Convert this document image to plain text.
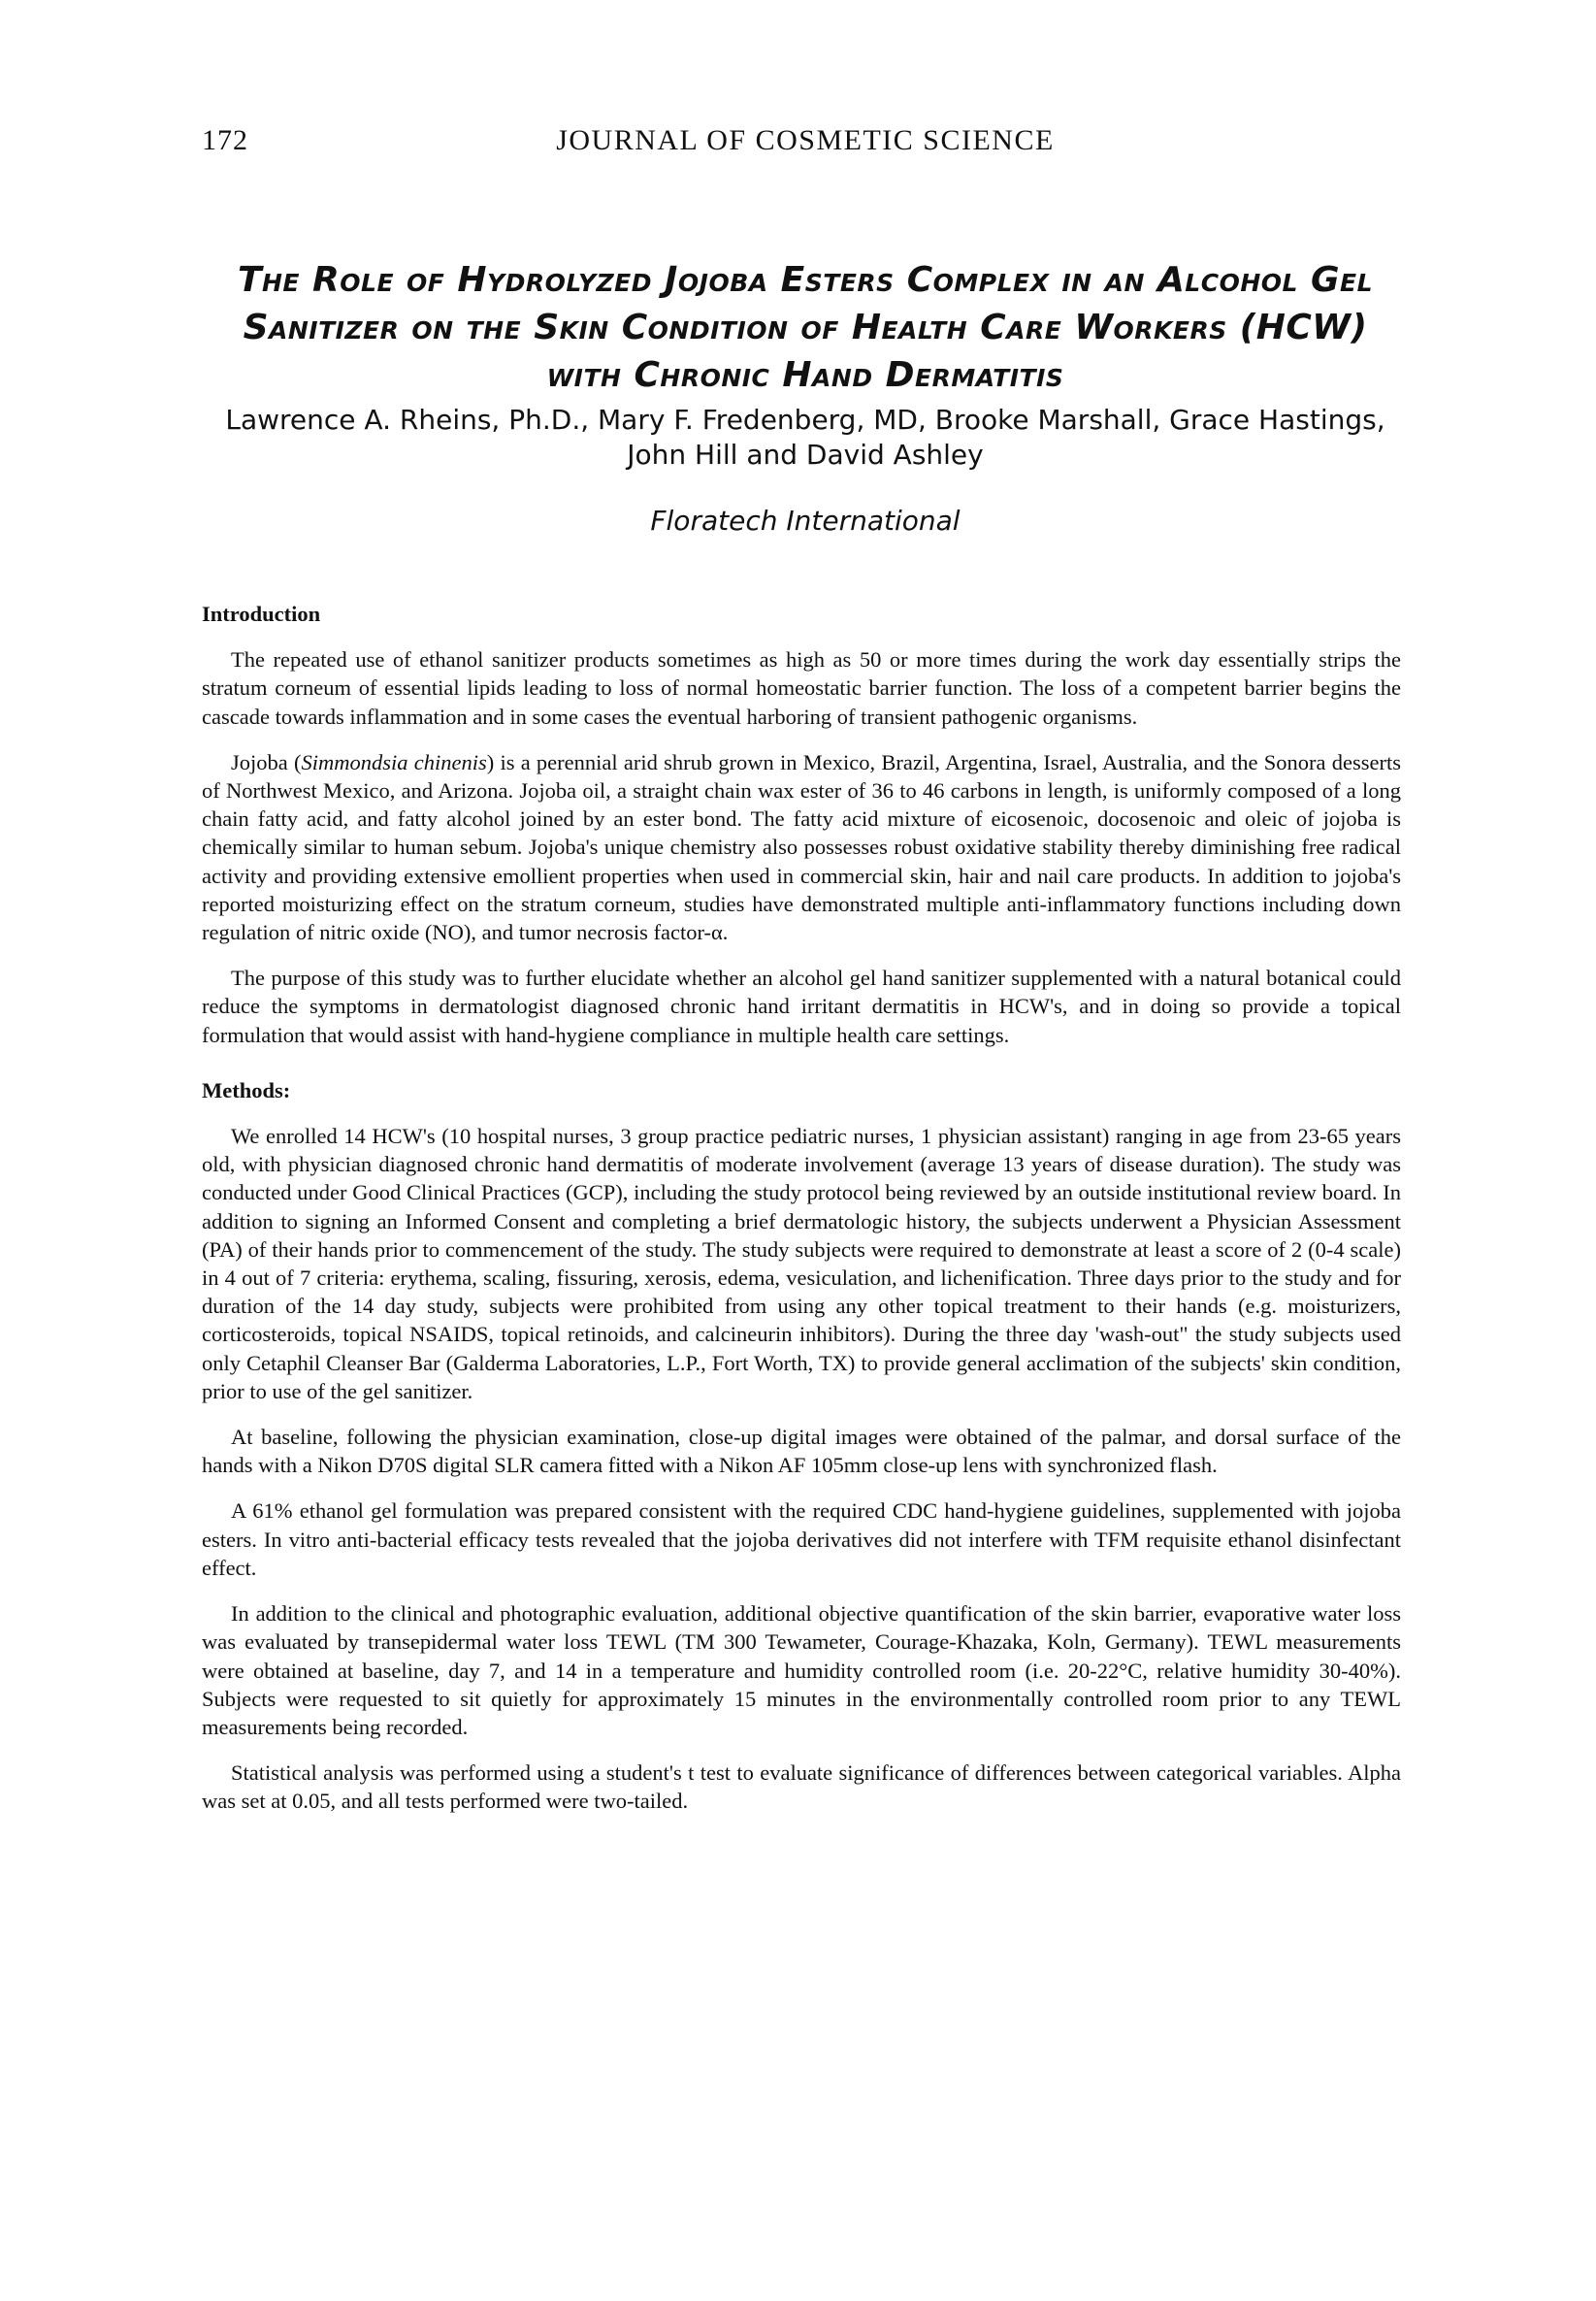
172	JOURNAL OF COSMETIC SCIENCE
The Role of Hydrolyzed Jojoba Esters Complex in an Alcohol Gel Sanitizer on the Skin Condition of Health Care Workers (HCW) with Chronic Hand Dermatitis
Lawrence A. Rheins, Ph.D., Mary F. Fredenberg, MD, Brooke Marshall, Grace Hastings,
John Hill and David Ashley
Floratech International
Introduction

The repeated use of ethanol sanitizer products sometimes as high as 50 or more times during the work day essentially strips the stratum corneum of essential lipids leading to loss of normal homeostatic barrier function. The loss of a competent barrier begins the cascade towards inflammation and in some cases the eventual harboring of transient pathogenic organisms.

Jojoba (Simmondsia chinenis) is a perennial arid shrub grown in Mexico, Brazil, Argentina, Israel, Australia, and the Sonora desserts of Northwest Mexico, and Arizona. Jojoba oil, a straight chain wax ester of 36 to 46 carbons in length, is uniformly composed of a long chain fatty acid, and fatty alcohol joined by an ester bond. The fatty acid mixture of eicosenoic, docosenoic and oleic of jojoba is chemically similar to human sebum. Jojoba's unique chemistry also possesses robust oxidative stability thereby diminishing free radical activity and providing extensive emollient properties when used in commercial skin, hair and nail care products. In addition to jojoba's reported moisturizing effect on the stratum corneum, studies have demonstrated multiple anti-inflammatory functions including down regulation of nitric oxide (NO), and tumor necrosis factor-α.

The purpose of this study was to further elucidate whether an alcohol gel hand sanitizer supplemented with a natural botanical could reduce the symptoms in dermatologist diagnosed chronic hand irritant dermatitis in HCW's, and in doing so provide a topical formulation that would assist with hand-hygiene compliance in multiple health care settings.

Methods:

We enrolled 14 HCW's (10 hospital nurses, 3 group practice pediatric nurses, 1 physician assistant) ranging in age from 23-65 years old, with physician diagnosed chronic hand dermatitis of moderate involvement (average 13 years of disease duration). The study was conducted under Good Clinical Practices (GCP), including the study protocol being reviewed by an outside institutional review board. In addition to signing an Informed Consent and completing a brief dermatologic history, the subjects underwent a Physician Assessment (PA) of their hands prior to commencement of the study. The study subjects were required to demonstrate at least a score of 2 (0-4 scale) in 4 out of 7 criteria: erythema, scaling, fissuring, xerosis, edema, vesiculation, and lichenification. Three days prior to the study and for duration of the 14 day study, subjects were prohibited from using any other topical treatment to their hands (e.g. moisturizers, corticosteroids, topical NSAIDS, topical retinoids, and calcineurin inhibitors). During the three day 'wash-out" the study subjects used only Cetaphil Cleanser Bar (Galderma Laboratories, L.P., Fort Worth, TX) to provide general acclimation of the subjects' skin condition, prior to use of the gel sanitizer.

At baseline, following the physician examination, close-up digital images were obtained of the palmar, and dorsal surface of the hands with a Nikon D70S digital SLR camera fitted with a Nikon AF 105mm close-up lens with synchronized flash.

A 61% ethanol gel formulation was prepared consistent with the required CDC hand-hygiene guidelines, supplemented with jojoba esters. In vitro anti-bacterial efficacy tests revealed that the jojoba derivatives did not interfere with TFM requisite ethanol disinfectant effect.

In addition to the clinical and photographic evaluation, additional objective quantification of the skin barrier, evaporative water loss was evaluated by transepidermal water loss TEWL (TM 300 Tewameter, Courage-Khazaka, Koln, Germany). TEWL measurements were obtained at baseline, day 7, and 14 in a temperature and humidity controlled room (i.e. 20-22°C, relative humidity 30-40%). Subjects were requested to sit quietly for approximately 15 minutes in the environmentally controlled room prior to any TEWL measurements being recorded.

Statistical analysis was performed using a student's t test to evaluate significance of differences between categorical variables. Alpha was set at 0.05, and all tests performed were two-tailed.
